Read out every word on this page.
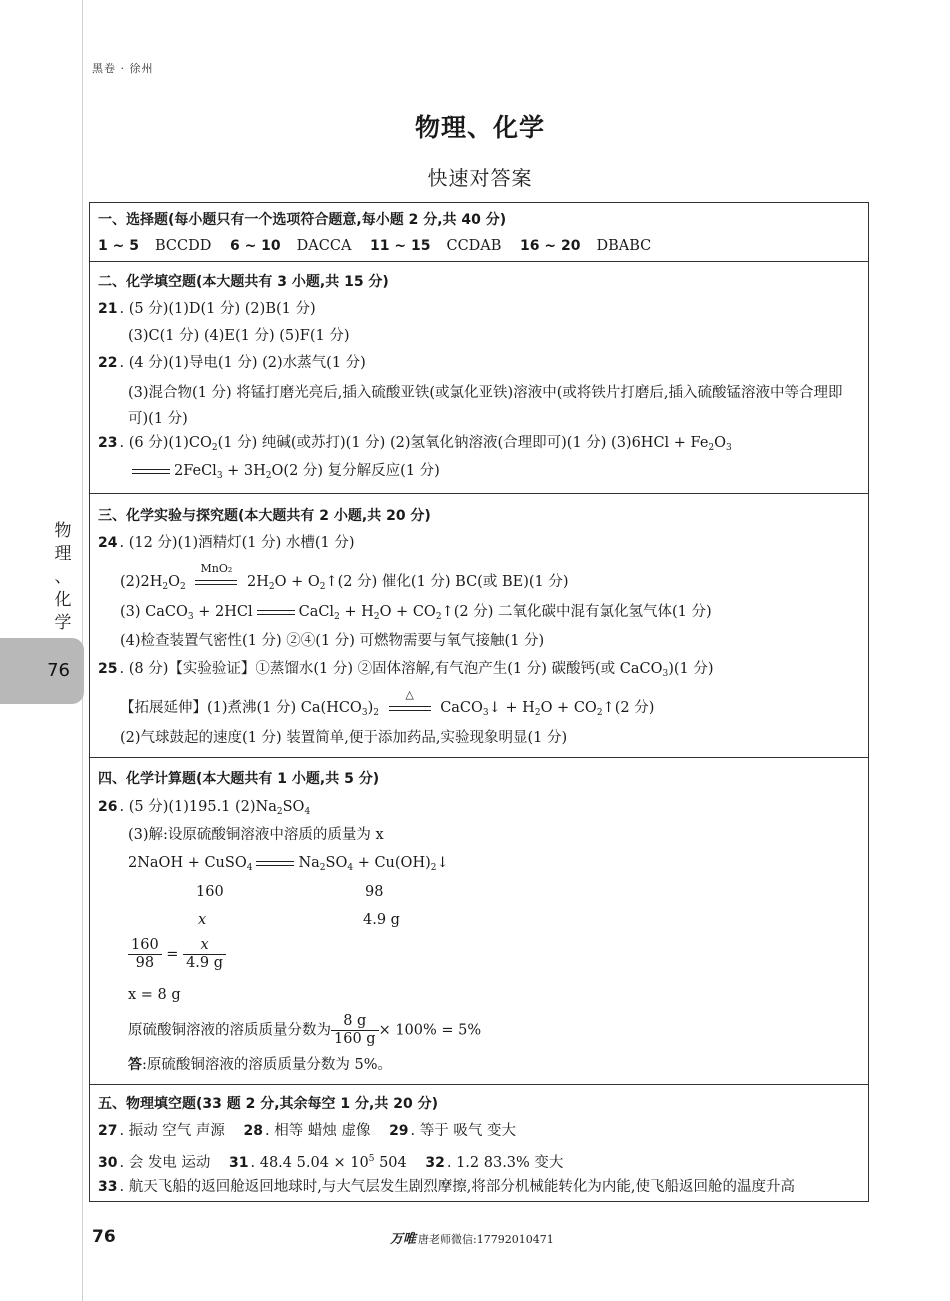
黑卷 · 徐州
物理、化学
快速对答案
物
理
、
化
学
76
一、选择题(每小题只有一个选项符合题意,每小题 2 分,共 40 分)
1 ~ 5 BCCDD 6 ~ 10 DACCA 11 ~ 15 CCDAB 16 ~ 20 DBABC
二、化学填空题(本大题共有 3 小题,共 15 分)
21 . (5 分)(1)D(1 分) (2)B(1 分)
(3)C(1 分) (4)E(1 分) (5)F(1 分)
22 . (4 分)(1)导电(1 分) (2)水蒸气(1 分)
(3)混合物(1 分) 将锰打磨光亮后,插入硫酸亚铁(或氯化亚铁)溶液中(或将铁片打磨后,插入硫酸锰溶液中等合理即可)(1 分)
23 . (6 分)$(1)CO_2(1$ 分) 纯碱(或苏打)(1 分) (2)氢氧化钠溶液(合理即可)(1 分) $(3)6HCl + Fe_2O_3$
2FeCl$_3$ + $3H_2O(2$ 分) 复分解反应(1 分)
三、化学实验与探究题(本大题共有 2 小题,共 20 分)
24 . (12 分)(1)酒精灯(1 分) 水槽(1 分)
$(2)2H_2O_2$
MnO₂
$2H_2O$ + $O_2↑(2$ 分) 催化(1 分) BC(或 BE)(1 分)
(3) CaCO$_3$ + 2HCl	CaCl$_2$ + $H_2O$ + $CO_2↑(2$ 分) 二氧化碳中混有氯化氢气体(1 分)
(4)检查装置气密性(1 分) ②④(1 分) 可燃物需要与氧气接触(1 分)
25 . (8 分)【实验验证】①蒸馏水(1 分) ②固体溶解,有气泡产生(1 分) 碳酸钙(或 CaCO$_3$)(1 分)
【拓展延伸】(1)煮沸(1 分) $Ca(HCO_3)_2$
△
CaCO$_3$↓ + $H_2O$ + $CO_2↑(2$ 分)
(2)气球鼓起的速度(1 分) 装置简单,便于添加药品,实验现象明显(1 分)
四、化学计算题(本大题共有 1 小题,共 5 分)
26 . (5 分)(1)195.1 $(2)Na_2SO_4$
(3)解:设原硫酸铜溶液中溶质的质量为 x
2NaOH + CuSO$_4$	$Na_2SO_4$ + $Cu(OH)_2↓$
160	98
x	4.9 g
$\frac{160}{98} = \frac{x}{4.9 g}$
x = 8 g
原硫酸铜溶液的溶质质量分数为 $\frac{8 g}{160 g} \times 100\% = 5\%$
答:原硫酸铜溶液的溶质质量分数为 5%。
五、物理填空题(33 题 2 分,其余每空 1 分,共 20 分)
27 . 振动 空气 声源 28 . 相等 蜡烛 虚像 29 . 等于 吸气 变大
30 . 会 发电 运动 31 . 48.4 $5.04 \times 10^5$ 504 32 . 1.2 83.3% 变大
33 . 航天飞船的返回舱返回地球时,与大气层发生剧烈摩擦,将部分机械能转化为内能,使飞船返回舱的温度升高
76	万唯 唐老师微信:17792010471
